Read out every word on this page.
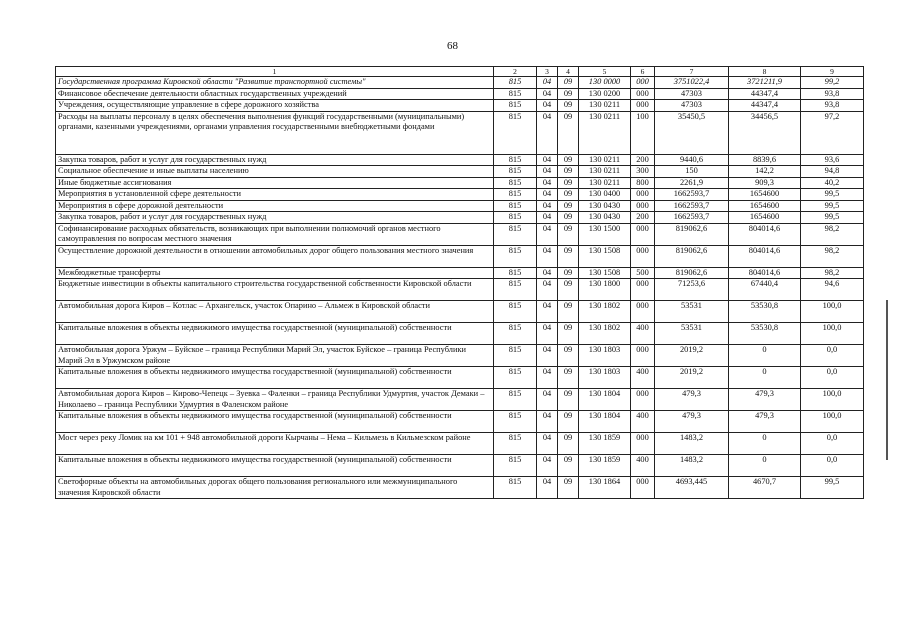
68
1	2	3	4	5	6	7	8	9
Государственная программа Кировской области "Развитие транспортной системы"	815	04	09	130 0000	000	3751022,4	3721211,9	99,2
Финансовое обеспечение деятельности областных государственных учреждений	815	04	09	130 0200	000	47303	44347,4	93,8
Учреждения, осуществляющие управление в сфере дорожного хозяйства	815	04	09	130 0211	000	47303	44347,4	93,8
Расходы на выплаты персоналу в целях обеспечения выполнения функций государственными (муниципальными) органами, казенными учреждениями, органами управления государственными внебюджетными фондами	815	04	09	130 0211	100	35450,5	34456,5	97,2
Закупка товаров, работ и услуг для государственных нужд	815	04	09	130 0211	200	9440,6	8839,6	93,6
Социальное обеспечение и иные выплаты населению	815	04	09	130 0211	300	150	142,2	94,8
Иные бюджетные ассигнования	815	04	09	130 0211	800	2261,9	909,3	40,2
Мероприятия в установленной сфере деятельности	815	04	09	130 0400	000	1662593,7	1654600	99,5
Мероприятия в сфере дорожной деятельности	815	04	09	130 0430	000	1662593,7	1654600	99,5
Закупка товаров, работ и услуг для государственных нужд	815	04	09	130 0430	200	1662593,7	1654600	99,5
Софинансирование расходных обязательств, возникающих при выполнении полномочий органов местного самоуправления по вопросам местного значения	815	04	09	130 1500	000	819062,6	804014,6	98,2
Осуществление дорожной деятельности в отношении автомобильных дорог общего пользования местного значения	815	04	09	130 1508	000	819062,6	804014,6	98,2
Межбюджетные трансферты	815	04	09	130 1508	500	819062,6	804014,6	98,2
Бюджетные инвестиции в объекты капитального строительства государственной собственности Кировской области	815	04	09	130 1800	000	71253,6	67440,4	94,6
Автомобильная дорога Киров – Котлас – Архангельск, участок Опарино – Альмеж в Кировской области	815	04	09	130 1802	000	53531	53530,8	100,0
Капитальные вложения в объекты недвижимого имущества государственной (муниципальной) собственности	815	04	09	130 1802	400	53531	53530,8	100,0
Автомобильная дорога Уржум – Буйское – граница Республики Марий Эл, участок Буйское – граница Республики Марий Эл в Уржумском районе	815	04	09	130 1803	000	2019,2	0	0,0
Капитальные вложения в объекты недвижимого имущества государственной (муниципальной) собственности	815	04	09	130 1803	400	2019,2	0	0,0
Автомобильная дорога Киров – Кирово-Чепецк – Зуевка – Фаленки – граница Республики Удмуртия, участок Демаки – Николаево – граница Республики Удмуртия в Фаленском районе	815	04	09	130 1804	000	479,3	479,3	100,0
Капитальные вложения в объекты недвижимого имущества государственной (муниципальной) собственности	815	04	09	130 1804	400	479,3	479,3	100,0
Мост через реку Ломик на км 101 + 948 автомобильной дороги Кырчаны – Нема – Кильмезь в Кильмезском районе	815	04	09	130 1859	000	1483,2	0	0,0
Капитальные вложения в объекты недвижимого имущества государственной (муниципальной) собственности	815	04	09	130 1859	400	1483,2	0	0,0
Светофорные объекты на автомобильных дорогах общего пользования регионального или межмуниципального значения Кировской области	815	04	09	130 1864	000	4693,445	4670,7	99,5
